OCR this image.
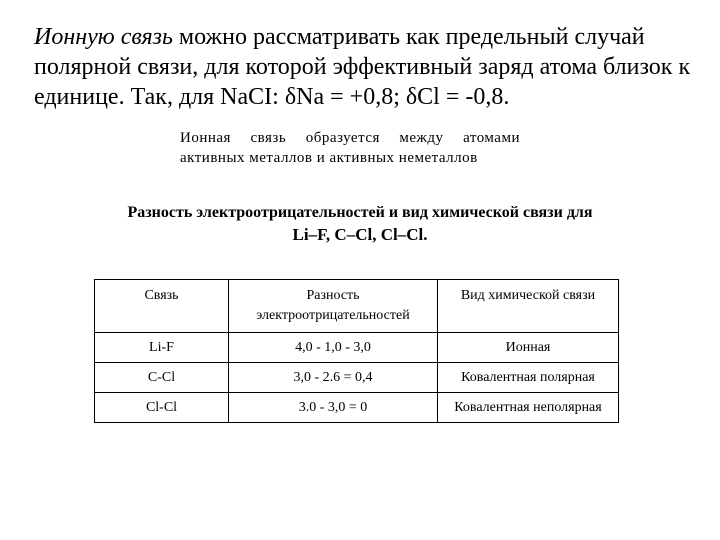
Ионную связь можно рассматривать как предельный случай полярной связи, для которой эффективный заряд атома близок к единице. Так, для NaCI: δNa = +0,8; δCl = -0,8.

Ионная связь образуется между атомами активных металлов и активных неметаллов

Разность электроотрицательностей и вид химической связи для
Li–F, C–Cl, Cl–Cl.
Связь	Разность электроотрицательностей	Вид химической связи
Li-F	4,0 - 1,0 - 3,0	Ионная
C-Cl	3,0 - 2.6 = 0,4	Ковалентная полярная
Cl-Cl	3.0 - 3,0 = 0	Ковалентная неполярная
